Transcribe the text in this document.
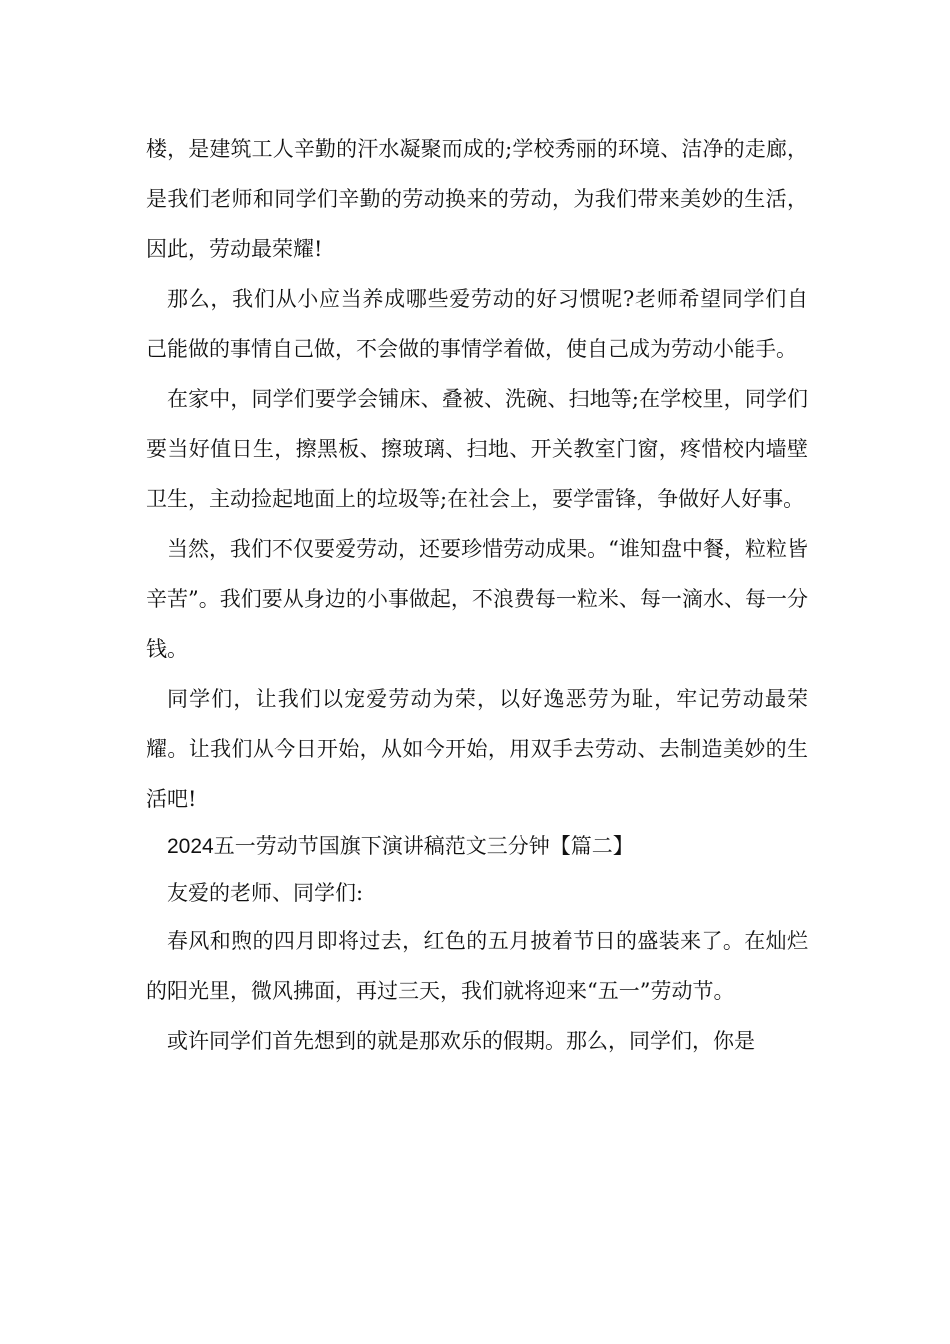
楼，是建筑工人辛勤的汗水凝聚而成的;学校秀丽的环境、洁净的走廊，是我们老师和同学们辛勤的劳动换来的劳动，为我们带来美妙的生活，因此，劳动最荣耀!

那么，我们从小应当养成哪些爱劳动的好习惯呢?老师希望同学们自己能做的事情自己做，不会做的事情学着做，使自己成为劳动小能手。

在家中，同学们要学会铺床、叠被、洗碗、扫地等;在学校里，同学们要当好值日生，擦黑板、擦玻璃、扫地、开关教室门窗，疼惜校内墙壁卫生，主动捡起地面上的垃圾等;在社会上，要学雷锋，争做好人好事。

当然，我们不仅要爱劳动，还要珍惜劳动成果。“谁知盘中餐，粒粒皆辛苦”。我们要从身边的小事做起，不浪费每一粒米、每一滴水、每一分钱。

同学们，让我们以宠爱劳动为荣，以好逸恶劳为耻，牢记劳动最荣耀。让我们从今日开始，从如今开始，用双手去劳动、去制造美妙的生活吧!

2024五一劳动节国旗下演讲稿范文三分钟【篇二】

友爱的老师、同学们:

春风和煦的四月即将过去，红色的五月披着节日的盛装来了。在灿烂的阳光里，微风拂面，再过三天，我们就将迎来“五一”劳动节。

或许同学们首先想到的就是那欢乐的假期。那么，同学们，你是
